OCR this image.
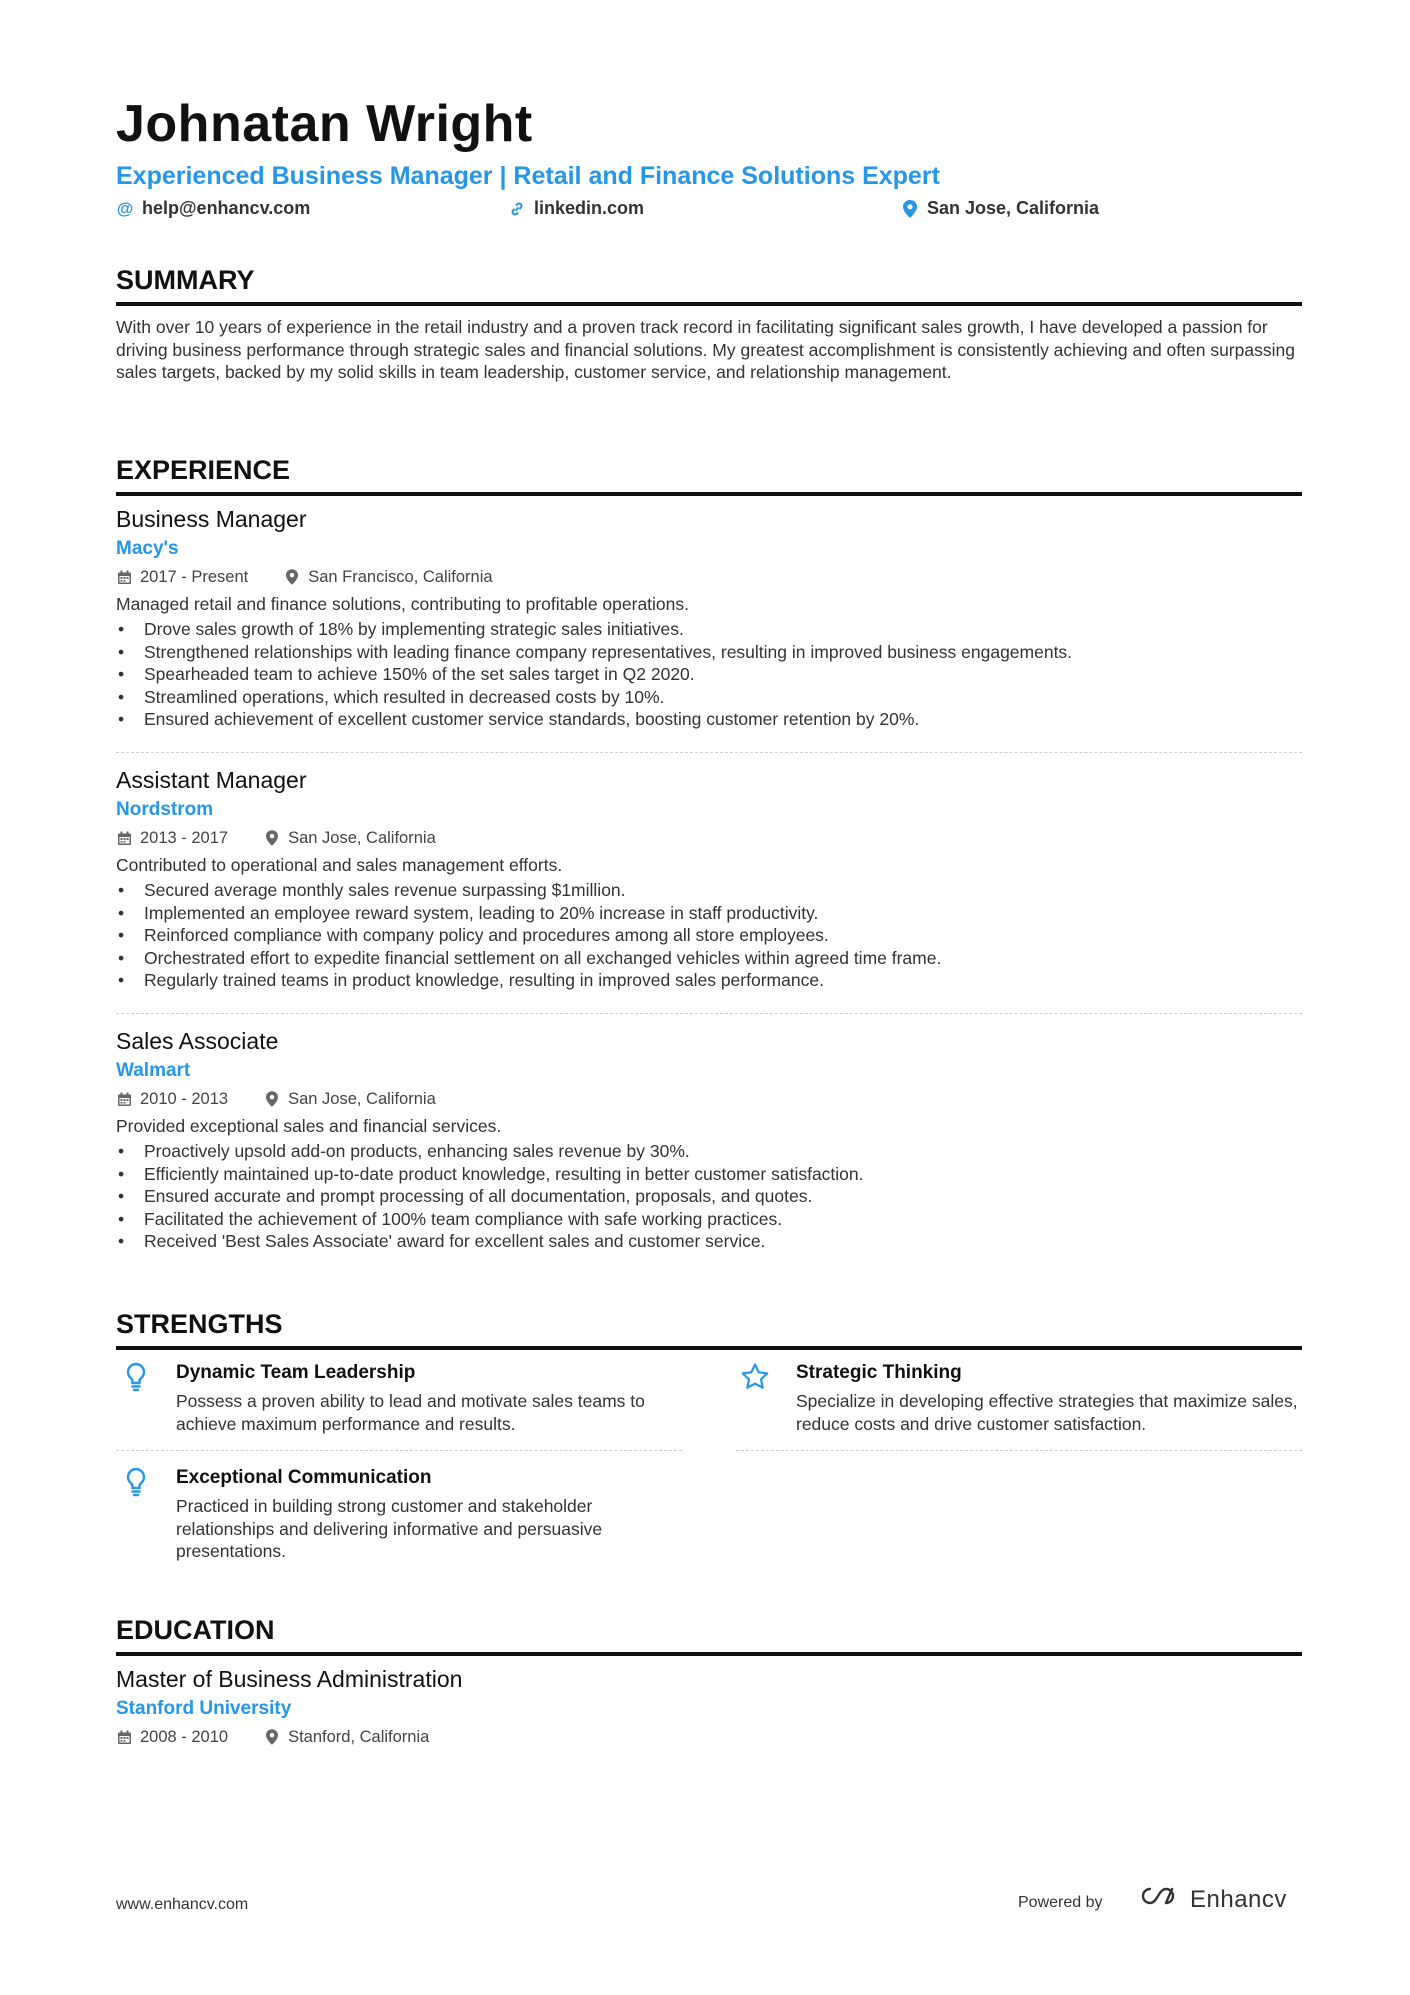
Johnatan Wright
Experienced Business Manager | Retail and Finance Solutions Expert
@ help@enhancv.com	linkedin.com	San Jose, California
SUMMARY

With over 10 years of experience in the retail industry and a proven track record in facilitating significant sales growth, I have developed a passion for driving business performance through strategic sales and financial solutions. My greatest accomplishment is consistently achieving and often surpassing sales targets, backed by my solid skills in team leadership, customer service, and relationship management.

EXPERIENCE
Business Manager
Macy's
2017 - Present	San Francisco, California
Managed retail and finance solutions, contributing to profitable operations.
• Drove sales growth of 18% by implementing strategic sales initiatives.
• Strengthened relationships with leading finance company representatives, resulting in improved business engagements.
• Spearheaded team to achieve 150% of the set sales target in Q2 2020.
• Streamlined operations, which resulted in decreased costs by 10%.
• Ensured achievement of excellent customer service standards, boosting customer retention by 20%.
Assistant Manager
Nordstrom
2013 - 2017	San Jose, California
Contributed to operational and sales management efforts.
• Secured average monthly sales revenue surpassing $1million.
• Implemented an employee reward system, leading to 20% increase in staff productivity.
• Reinforced compliance with company policy and procedures among all store employees.
• Orchestrated effort to expedite financial settlement on all exchanged vehicles within agreed time frame.
• Regularly trained teams in product knowledge, resulting in improved sales performance.
Sales Associate
Walmart
2010 - 2013	San Jose, California
Provided exceptional sales and financial services.
• Proactively upsold add-on products, enhancing sales revenue by 30%.
• Efficiently maintained up-to-date product knowledge, resulting in better customer satisfaction.
• Ensured accurate and prompt processing of all documentation, proposals, and quotes.
• Facilitated the achievement of 100% team compliance with safe working practices.
• Received 'Best Sales Associate' award for excellent sales and customer service.
STRENGTHS
Dynamic Team Leadership
Possess a proven ability to lead and motivate sales teams to achieve maximum performance and results.
Strategic Thinking
Specialize in developing effective strategies that maximize sales, reduce costs and drive customer satisfaction.
Exceptional Communication
Practiced in building strong customer and stakeholder relationships and delivering informative and persuasive presentations.
EDUCATION
Master of Business Administration
Stanford University
2008 - 2010	Stanford, California
www.enhancv.com	Powered by	Enhancv
